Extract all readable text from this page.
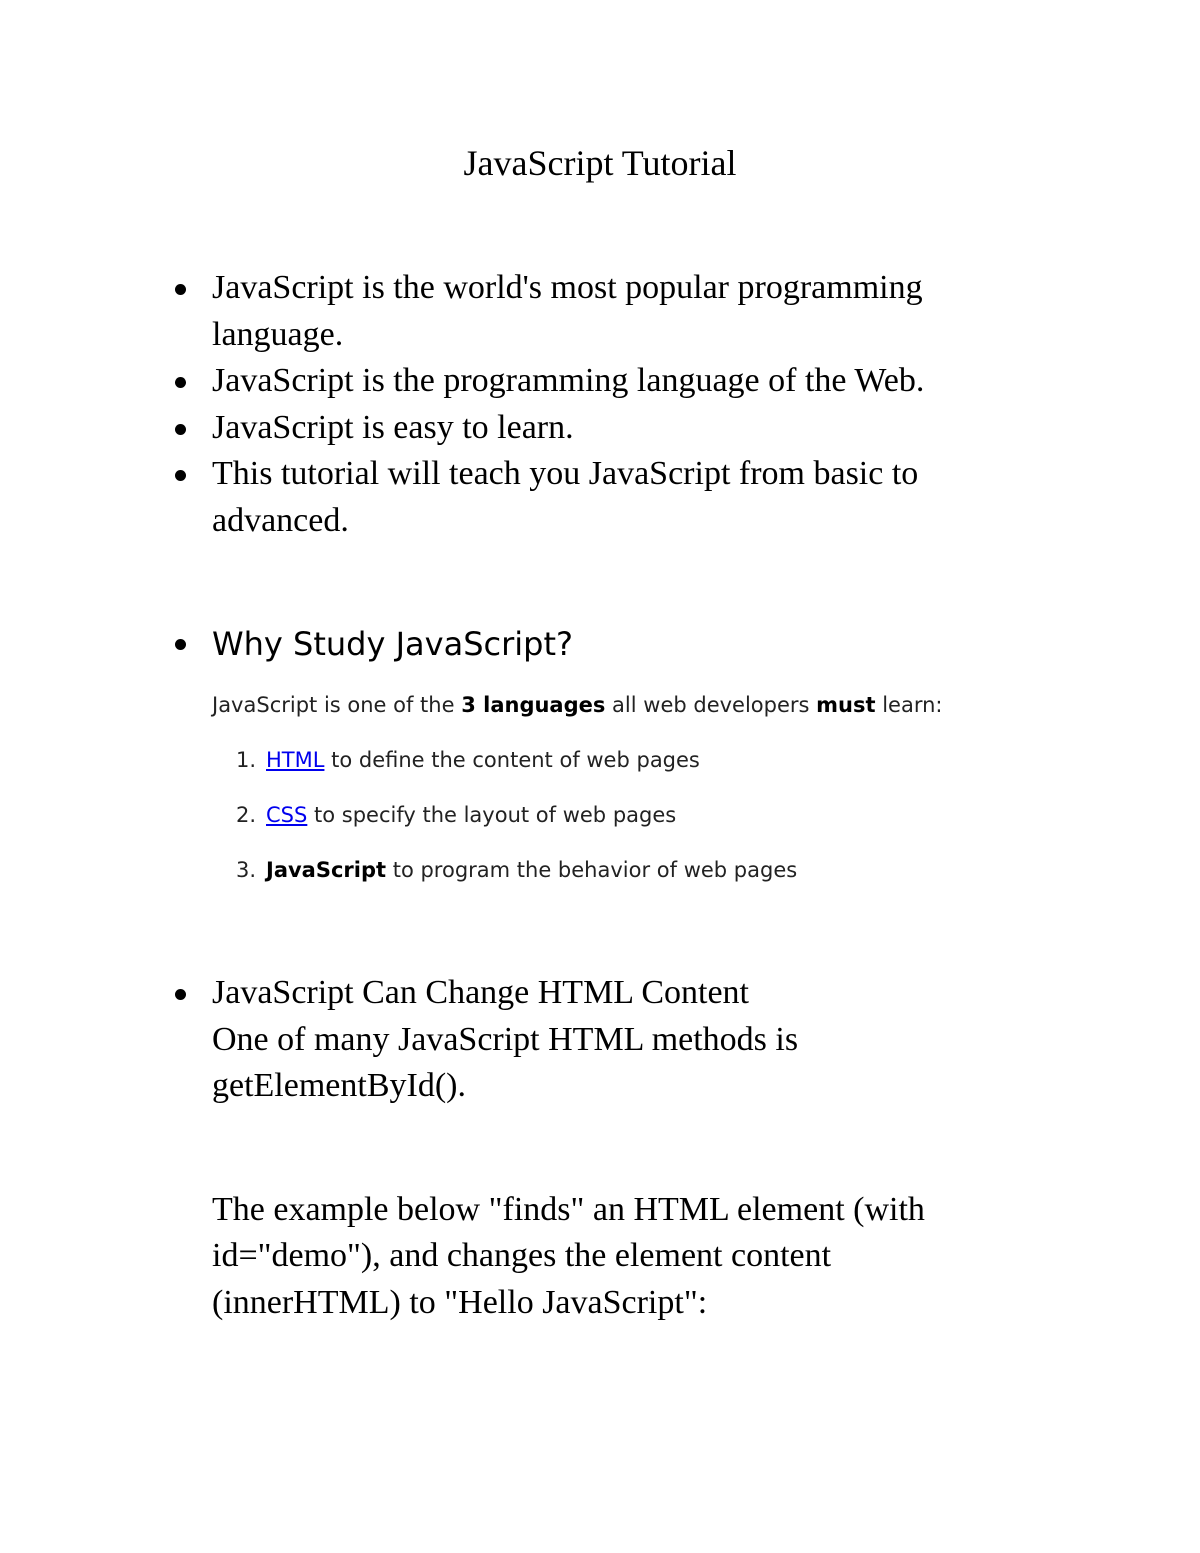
JavaScript Tutorial
JavaScript is the world's most popular programming language.
JavaScript is the programming language of the Web.
JavaScript is easy to learn.
This tutorial will teach you JavaScript from basic to advanced.
Why Study JavaScript?

JavaScript is one of the 3 languages all web developers must learn:

1. HTML to define the content of web pages
2. CSS to specify the layout of web pages
3. JavaScript to program the behavior of web pages

JavaScript Can Change HTML Content

One of many JavaScript HTML methods is getElementById().

The example below "finds" an HTML element (with id="demo"), and changes the element content (innerHTML) to "Hello JavaScript":
